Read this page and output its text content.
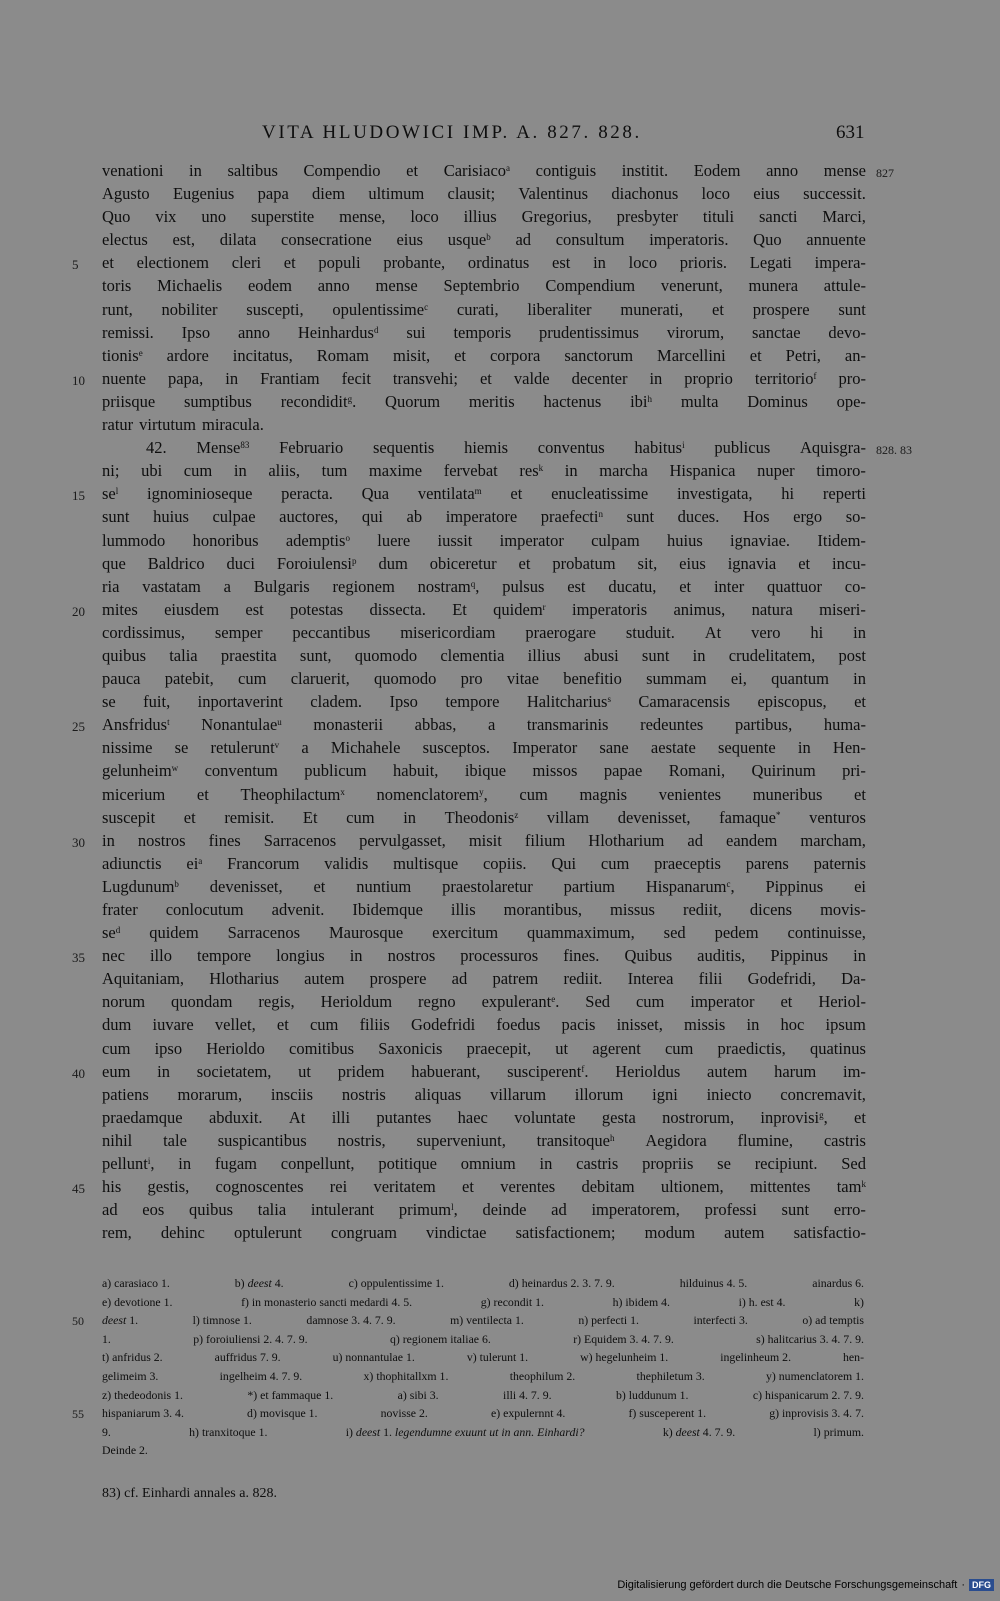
VITA HLUDOWICI IMP. A. 827. 828.	631
venationi in saltibus Compendio et Carisiaco$^a$ contiguis institit. Eodem anno mense 827
Agusto Eugenius papa diem ultimum clausit; Valentinus diachonus loco eius successit.
Quo vix uno superstite mense, loco illius Gregorius, presbyter tituli sancti Marci,
electus est, dilata consecratione eius usque$^b$ ad consultum imperatoris. Quo annuente
et electionem cleri et populi probante, ordinatus est in loco prioris. Legati impera-
5
toris Michaelis eodem anno mense Septembrio Compendium venerunt, munera attule-
runt, nobiliter suscepti, opulentissime$^c$ curati, liberaliter munerati, et prospere sunt
remissi. Ipso anno Heinhardus$^d$ sui temporis prudentissimus virorum, sanctae devo-
tionis$^e$ ardore incitatus, Romam misit, et corpora sanctorum Marcellini et Petri, an-
nuente papa, in Frantiam fecit transvehi; et valde decenter in proprio territorio$^f$ pro-
10
priisque sumptibus recondidit$^g$. Quorum meritis hactenus ibi$^h$ multa Dominus ope-
ratur virtutum miracula.
42. Mense$^{83}$ Februario sequentis hiemis conventus habitus$^i$ publicus Aquisgra- 828. 83
ni; ubi cum in aliis, tum maxime fervebat res$^k$ in marcha Hispanica nuper timoro-
$se^l$ ignominioseque peracta. Qua ventilata$^m$ et enucleatissime investigata, hi reperti
15
sunt huius culpae auctores, qui ab imperatore praefecti$^n$ sunt duces. Hos ergo so-
lummodo honoribus ademptis$^o$ luere iussit imperator culpam huius ignaviae. Itidem-
que Baldrico duci Foroiulensi$^p$ dum obiceretur et probatum sit, eius ignavia et incu-
ria vastatam a Bulgaris regionem nostram$^q$, pulsus est ducatu, et inter quattuor co-
mites eiusdem est potestas dissecta. Et quidem$^r$ imperatoris animus, natura miseri-
20
cordissimus, semper peccantibus misericordiam praerogare studuit. At vero hi in
quibus talia praestita sunt, quomodo clementia illius abusi sunt in crudelitatem, post
pauca patebit, cum claruerit, quomodo pro vitae benefitio summam ei, quantum in
se fuit, inportaverint cladem. Ipso tempore Halitcharius$^s$ Camaracensis episcopus, et
Ansfridus$^t$ Nonantulae$^u$ monasterii abbas, a transmarinis redeuntes partibus, huma-
25
nissime se retulerunt$^v$ a Michahele susceptos. Imperator sane aestate sequente in Hen-
gelunheim$^w$ conventum publicum habuit, ibique missos papae Romani, Quirinum pri-
micerium et Theophilactum$^x$ nomenclatorem$^y$, cum magnis venientes muneribus et
suscepit et remisit. Et cum in Theodonis$^z$ villam devenisset, famaque* venturos
in nostros fines Sarracenos pervulgasset, misit filium Hlotharium ad eandem marcham,
30
adiunctis $ei^a$ Francorum validis multisque copiis. Qui cum praeceptis parens paternis
Lugdunum$^b$ devenisset, et nuntium praestolaretur partium Hispanarum$^c$, Pippinus ei
frater conlocutum advenit. Ibidemque illis morantibus, missus rediit, dicens movis-
$se^d$ quidem Sarracenos Maurosque exercitum quammaximum, sed pedem continuisse,
nec illo tempore longius in nostros processuros fines. Quibus auditis, Pippinus in
35
Aquitaniam, Hlotharius autem prospere ad patrem rediit. Interea filii Godefridi, Da-
norum quondam regis, Herioldum regno expulerant$^e$. Sed cum imperator et Heriol-
dum iuvare vellet, et cum filiis Godefridi foedus pacis inisset, missis in hoc ipsum
cum ipso Herioldo comitibus Saxonicis praecepit, ut agerent cum praedictis, quatinus
eum in societatem, ut pridem habuerant, susciperent$^f$. Herioldus autem harum im-
40
patiens morarum, insciis nostris aliquas villarum illorum igni iniecto concremavit,
praedamque abduxit. At illi putantes haec voluntate gesta nostrorum, inprovisi$^g$, et
nihil tale suspicantibus nostris, superveniunt, transitoque$^h$ Aegidora flumine, castris
pellunt$^i$, in fugam conpellunt, potitique omnium in castris propriis se recipiunt. Sed
his gestis, cognoscentes rei veritatem et verentes debitam ultionem, mittentes tam$^k$
45
ad eos quibus talia intulerant primum$^l$, deinde ad imperatorem, professi sunt erro-
rem, dehinc optulerunt congruam vindictae satisfactionem; modum autem satisfactio-
a) carasiaco 1.	b) deest 4.	c) oppulentissime 1.	d) heinardus 2. 3. 7. 9.	hilduinus 4. 5.	ainardus 6.
e) devotione 1.	f) in monasterio sancti medardi 4. 5.	g) recondit 1.	h) ibidem 4.	i) h. est 4.	k)
deest 1.	l) timnose 1.	damnose 3. 4. 7. 9.	m) ventilecta 1.	n) perfecti 1.	interfecti 3.	o) ad temptis
50
1.	p) foroiuliensi 2. 4. 7. 9.	q) regionem italiae 6.	r) Equidem 3. 4. 7. 9.	s) halitcarius 3. 4. 7. 9.
t) anfridus 2.	auffridus 7. 9.	u) nonnantulae 1.	v) tulerunt 1.	w) hegelunheim 1.	ingelinheum 2.	hen-
gelimeim 3.	ingelheim 4. 7. 9.	x) thophitallxm 1.	theophilum 2.	thephiletum 3.	y) numenclatorem 1.
z) thedeodonis 1.	*) et fammaque 1.	a) sibi 3.	illi 4. 7. 9.	b) luddunum 1.	c) hispanicarum 2. 7. 9.
hispaniarum 3. 4.	d) movisque 1.	novisse 2.	e) expulernnt 4.	f) susceperent 1.	g) inprovisis 3. 4. 7.
55
9.	h) tranxitoque 1.	i) deest 1. legendumne exuunt ut in ann. Einhardi?	k) deest 4. 7. 9.	l) primum.
Deinde 2.
83) cf. Einhardi annales a. 828.
Digitalisierung gefördert durch die Deutsche Forschungsgemeinschaft · DFG
